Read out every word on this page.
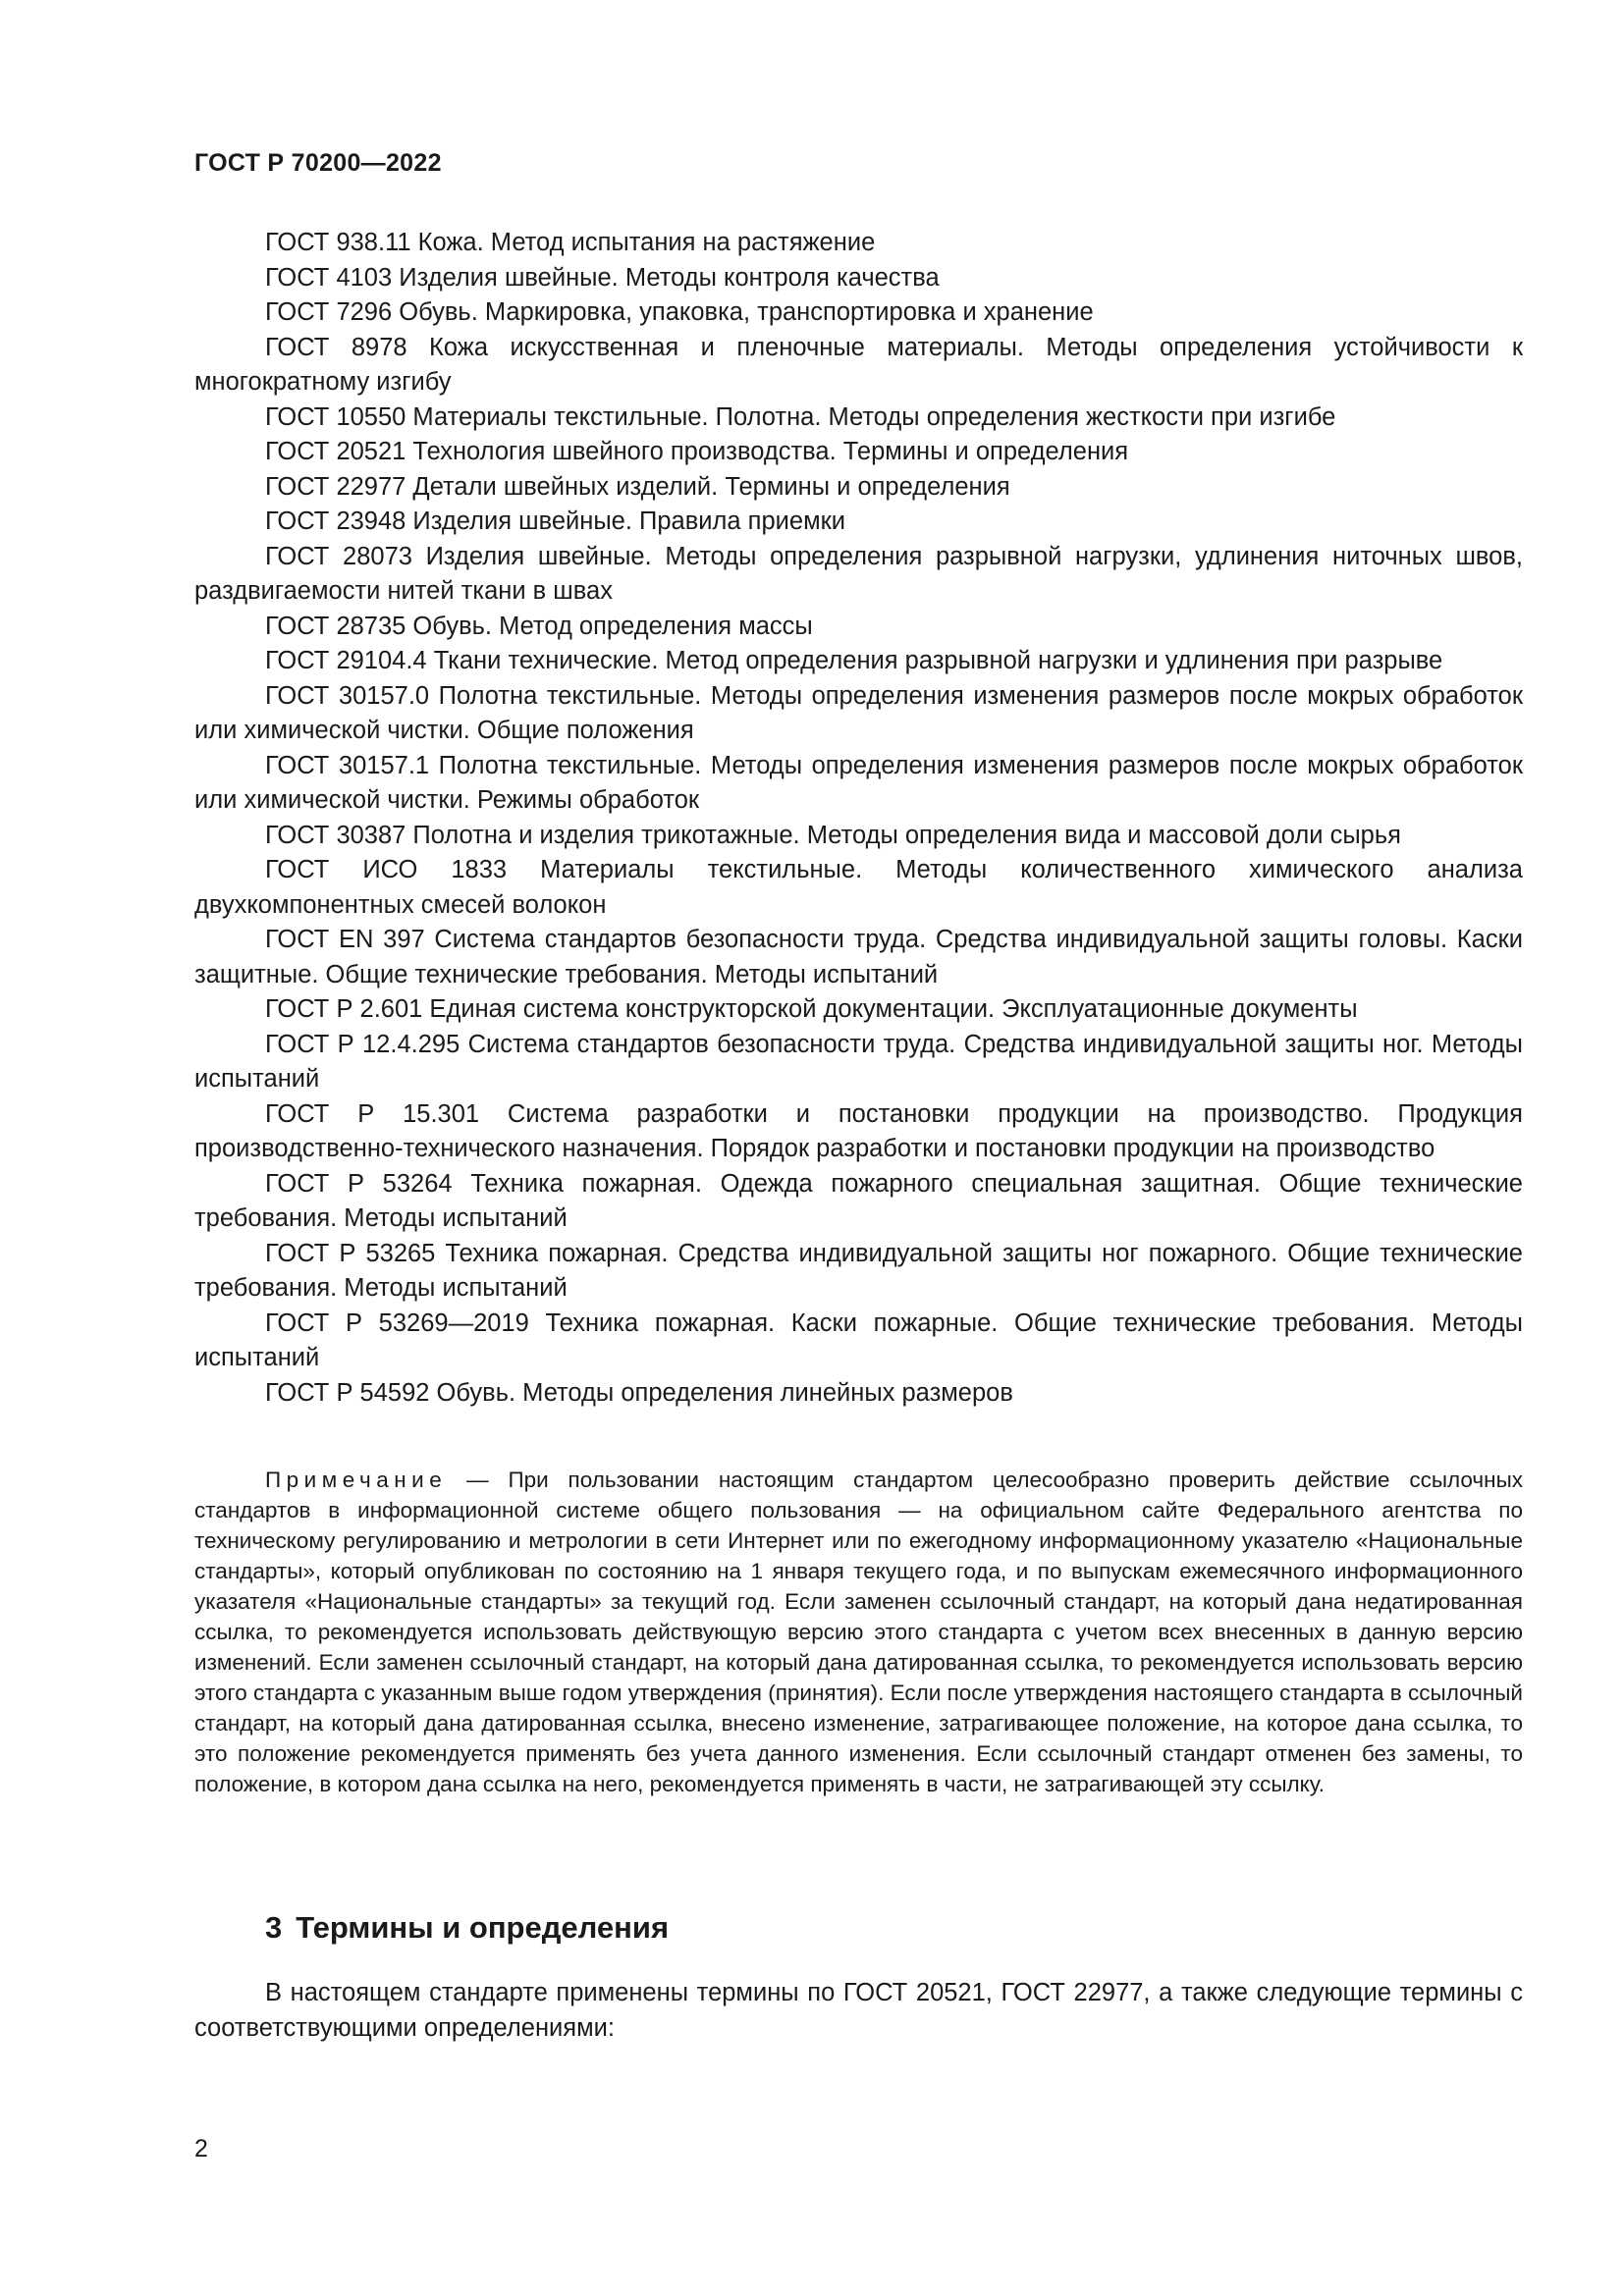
ГОСТ Р 70200—2022

ГОСТ 938.11 Кожа. Метод испытания на растяжение

ГОСТ 4103 Изделия швейные. Методы контроля качества

ГОСТ 7296 Обувь. Маркировка, упаковка, транспортировка и хранение

ГОСТ 8978 Кожа искусственная и пленочные материалы. Методы определения устойчивости к многократному изгибу

ГОСТ 10550 Материалы текстильные. Полотна. Методы определения жесткости при изгибе

ГОСТ 20521 Технология швейного производства. Термины и определения

ГОСТ 22977 Детали швейных изделий. Термины и определения

ГОСТ 23948 Изделия швейные. Правила приемки

ГОСТ 28073 Изделия швейные. Методы определения разрывной нагрузки, удлинения ниточных швов, раздвигаемости нитей ткани в швах

ГОСТ 28735 Обувь. Метод определения массы

ГОСТ 29104.4 Ткани технические. Метод определения разрывной нагрузки и удлинения при разрыве

ГОСТ 30157.0 Полотна текстильные. Методы определения изменения размеров после мокрых обработок или химической чистки. Общие положения

ГОСТ 30157.1 Полотна текстильные. Методы определения изменения размеров после мокрых обработок или химической чистки. Режимы обработок

ГОСТ 30387 Полотна и изделия трикотажные. Методы определения вида и массовой доли сырья

ГОСТ ИСО 1833 Материалы текстильные. Методы количественного химического анализа двухкомпонентных смесей волокон

ГОСТ EN 397 Система стандартов безопасности труда. Средства индивидуальной защиты головы. Каски защитные. Общие технические требования. Методы испытаний

ГОСТ Р 2.601 Единая система конструкторской документации. Эксплуатационные документы

ГОСТ Р 12.4.295 Система стандартов безопасности труда. Средства индивидуальной защиты ног. Методы испытаний

ГОСТ Р 15.301 Система разработки и постановки продукции на производство. Продукция производственно-технического назначения. Порядок разработки и постановки продукции на производство

ГОСТ Р 53264 Техника пожарная. Одежда пожарного специальная защитная. Общие технические требования. Методы испытаний

ГОСТ Р 53265 Техника пожарная. Средства индивидуальной защиты ног пожарного. Общие технические требования. Методы испытаний

ГОСТ Р 53269—2019 Техника пожарная. Каски пожарные. Общие технические требования. Методы испытаний

ГОСТ Р 54592 Обувь. Методы определения линейных размеров

Примечание — При пользовании настоящим стандартом целесообразно проверить действие ссылочных стандартов в информационной системе общего пользования — на официальном сайте Федерального агентства по техническому регулированию и метрологии в сети Интернет или по ежегодному информационному указателю «Национальные стандарты», который опубликован по состоянию на 1 января текущего года, и по выпускам ежемесячного информационного указателя «Национальные стандарты» за текущий год. Если заменен ссылочный стандарт, на который дана недатированная ссылка, то рекомендуется использовать действующую версию этого стандарта с учетом всех внесенных в данную версию изменений. Если заменен ссылочный стандарт, на который дана датированная ссылка, то рекомендуется использовать версию этого стандарта с указанным выше годом утверждения (принятия). Если после утверждения настоящего стандарта в ссылочный стандарт, на который дана датированная ссылка, внесено изменение, затрагивающее положение, на которое дана ссылка, то это положение рекомендуется применять без учета данного изменения. Если ссылочный стандарт отменен без замены, то положение, в котором дана ссылка на него, рекомендуется применять в части, не затрагивающей эту ссылку.

3 Термины и определения

В настоящем стандарте применены термины по ГОСТ 20521, ГОСТ 22977, а также следующие термины с соответствующими определениями:

2
